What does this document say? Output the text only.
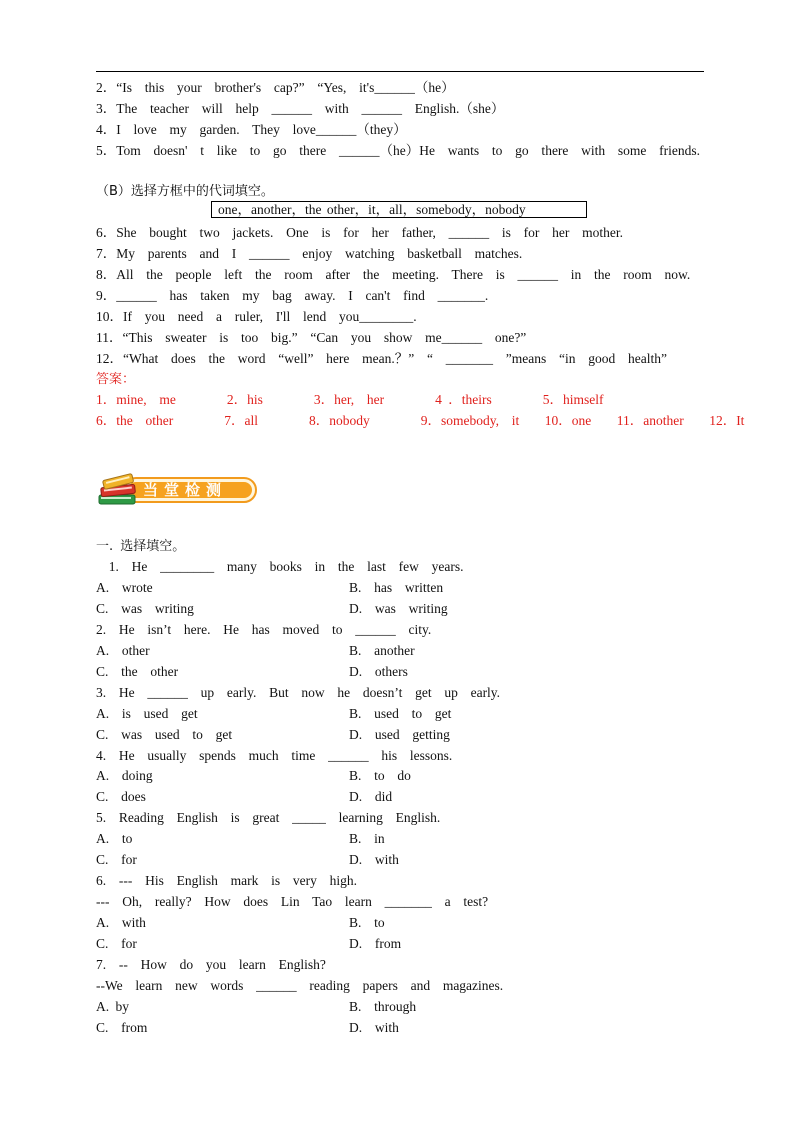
2．“Is  this  your  brother's  cap?”  “Yes,  it's______（he）
3．The  teacher  will  help  ______  with  ______  English.（she）
4．I  love  my  garden.  They  love______（they）
5．Tom  doesn'  t  like  to  go  there  ______（he）He  wants  to  go  there  with  some  friends.
（B）选择方框中的代词填空。
one，another，the other，it，all，somebody，nobody
6．She  bought  two  jackets.  One  is  for  her  father,  ______  is  for  her  mother.
7．My  parents  and  I  ______  enjoy  watching  basketball  matches.
8．All  the  people  left  the  room  after  the  meeting.  There  is  ______  in  the  room  now.
9．______  has  taken  my  bag  away.  I  can't  find  _______.
10．If  you  need  a  ruler,  I'll  lend  you________.
11．“This  sweater  is  too  big.”  “Can  you  show  me______  one?”
12．“What  does  the  word  “well”  here  mean.？”  “  _______  ”means  “in  good  health”
答案：
1．mine,  me        2．his        3．her,  her        4 ．theirs        5．himself
6．the  other        7．all        8．nobody        9．somebody,  it    10．one    11．another    12．It
当堂检测
一. 选择填空。
1.  He  ________  many  books  in  the  last  few  years.
A.  wrote	B.  has  written
C.  was  writing	D.  was  writing
2.  He  isn’t  here.  He  has  moved  to  ______  city.
A.  other	B.  another
C.  the  other	D.  others
3.  He  ______  up  early.  But  now  he  doesn’t  get  up  early.
A.  is  used  get	B.  used  to  get
C.  was  used  to  get	D.  used  getting
4.  He  usually  spends  much  time  ______  his  lessons.
A.  doing	B.  to  do
C.  does	D.  did
5.  Reading  English  is  great  _____  learning  English.
A.  to	B.  in
C.  for	D.  with
6.  ---  His  English  mark  is  very  high.
---  Oh,  really?  How  does  Lin  Tao  learn  _______  a  test?
A.  with	B.  to
C.  for	D.  from
7.  --  How  do  you  learn  English?
--We  learn  new  words  ______  reading  papers  and  magazines.
A. by	B.  through
C.  from	D.  with
